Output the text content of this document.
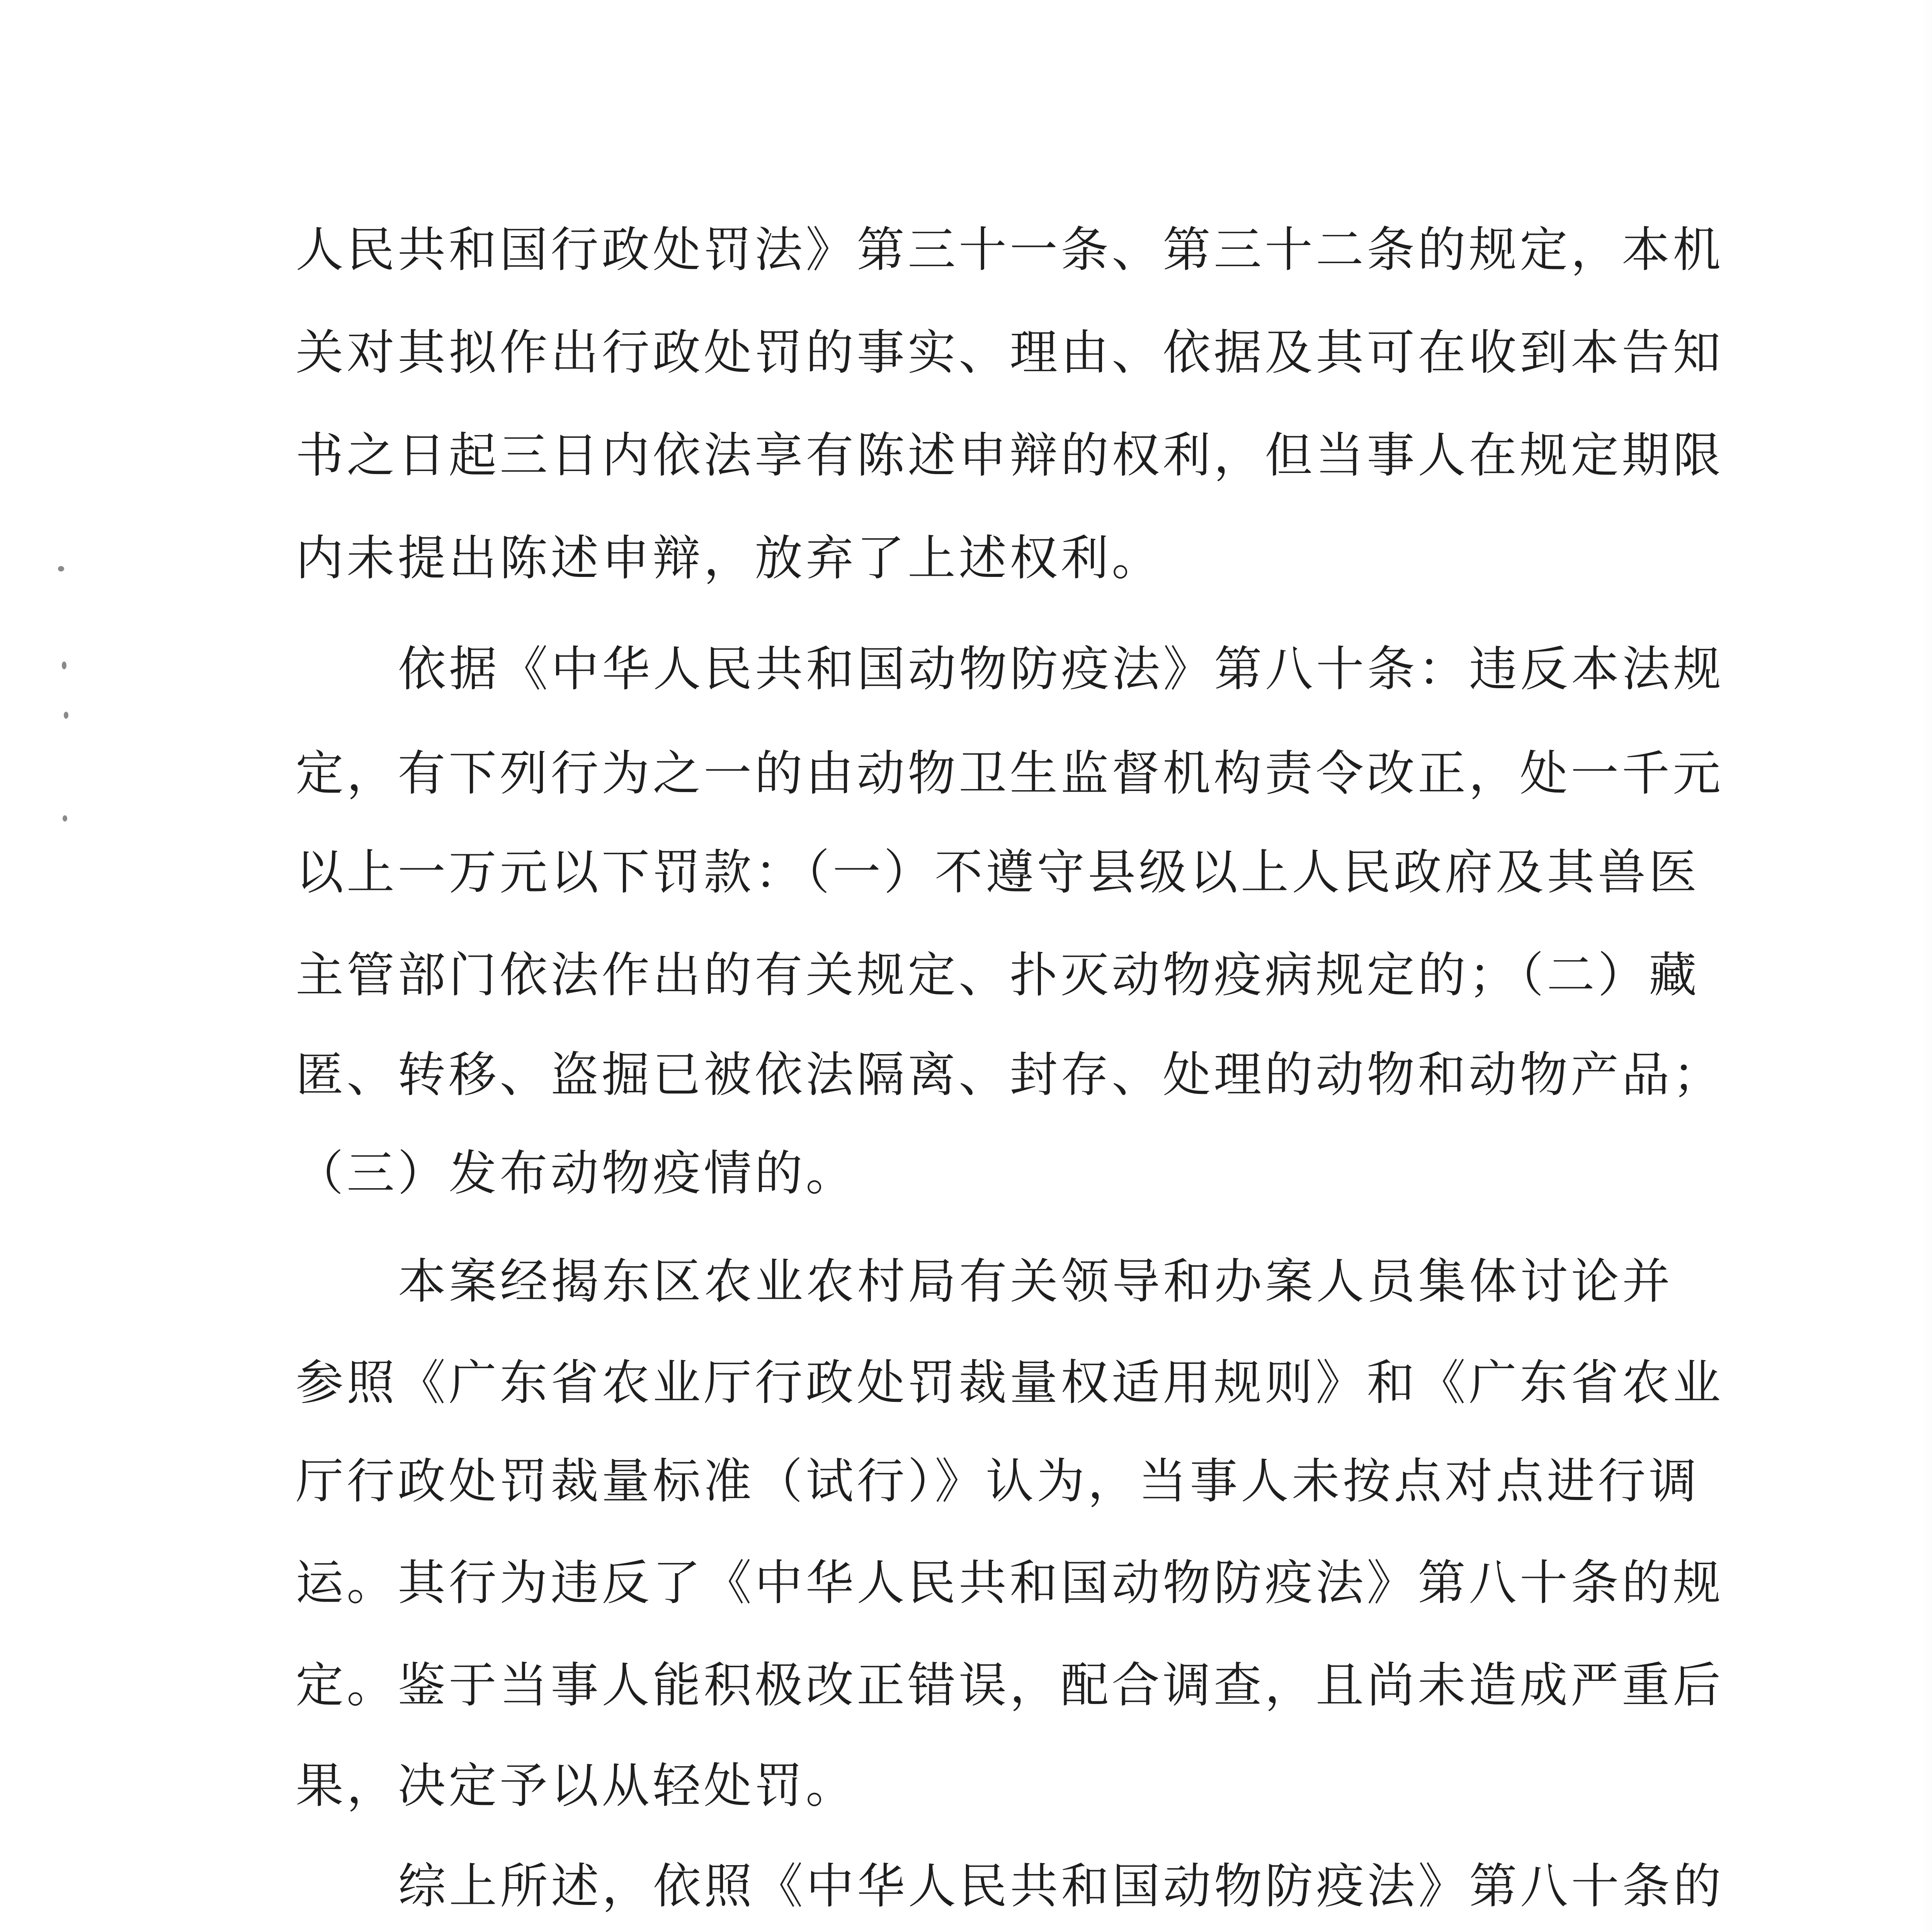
人民共和国行政处罚法》第三十一条、第三十二条的规定，本机

关对其拟作出行政处罚的事实、理由、依据及其可在收到本告知

书之日起三日内依法享有陈述申辩的权利，但当事人在规定期限

内未提出陈述申辩，放弃了上述权利。

依据《中华人民共和国动物防疫法》第八十条：违反本法规

定，有下列行为之一的由动物卫生监督机构责令改正，处一千元

以上一万元以下罚款：（一）不遵守县级以上人民政府及其兽医

主管部门依法作出的有关规定、扑灭动物疫病规定的；（二）藏

匿、转移、盗掘已被依法隔离、封存、处理的动物和动物产品；

（三）发布动物疫情的。

本案经揭东区农业农村局有关领导和办案人员集体讨论并

参照《广东省农业厅行政处罚裁量权适用规则》和《广东省农业

厅行政处罚裁量标准（试行）》认为，当事人未按点对点进行调

运。其行为违反了《中华人民共和国动物防疫法》第八十条的规

定。鉴于当事人能积极改正错误，配合调查，且尚未造成严重后

果，决定予以从轻处罚。

综上所述，依照《中华人民共和国动物防疫法》第八十条的
